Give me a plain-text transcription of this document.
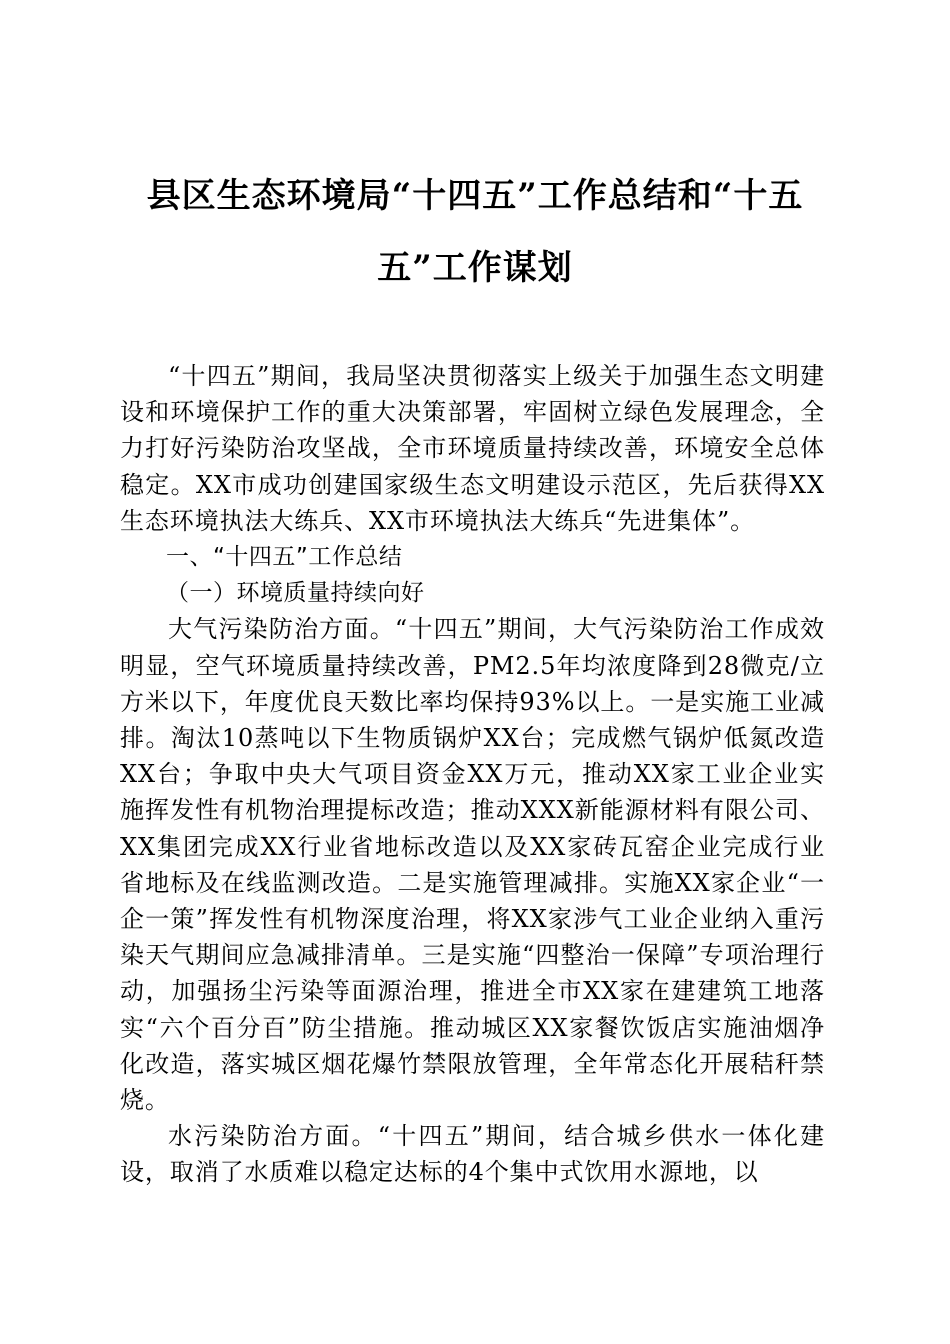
县区生态环境局“十四五”工作总结和“十五
五”工作谋划

“十四五”期间，我局坚决贯彻落实上级关于加强生态文明建设和环境保护工作的重大决策部署，牢固树立绿色发展理念，全力打好污染防治攻坚战，全市环境质量持续改善，环境安全总体稳定。XX市成功创建国家级生态文明建设示范区，先后获得XX生态环境执法大练兵、XX市环境执法大练兵“先进集体”。

一、“十四五”工作总结

（一）环境质量持续向好

大气污染防治方面。“十四五”期间，大气污染防治工作成效明显，空气环境质量持续改善，PM2.5年均浓度降到28微克/立方米以下，年度优良天数比率均保持93%以上。一是实施工业减排。淘汰10蒸吨以下生物质锅炉XX台；完成燃气锅炉低氮改造XX台；争取中央大气项目资金XX万元，推动XX家工业企业实施挥发性有机物治理提标改造；推动XXX新能源材料有限公司、XX集团完成XX行业省地标改造以及XX家砖瓦窑企业完成行业省地标及在线监测改造。二是实施管理减排。实施XX家企业“一企一策”挥发性有机物深度治理，将XX家涉气工业企业纳入重污染天气期间应急减排清单。三是实施“四整治一保障”专项治理行动，加强扬尘污染等面源治理，推进全市XX家在建建筑工地落实“六个百分百”防尘措施。推动城区XX家餐饮饭店实施油烟净化改造，落实城区烟花爆竹禁限放管理，全年常态化开展秸秆禁烧。

水污染防治方面。“十四五”期间，结合城乡供水一体化建设，取消了水质难以稳定达标的4个集中式饮用水源地，以
